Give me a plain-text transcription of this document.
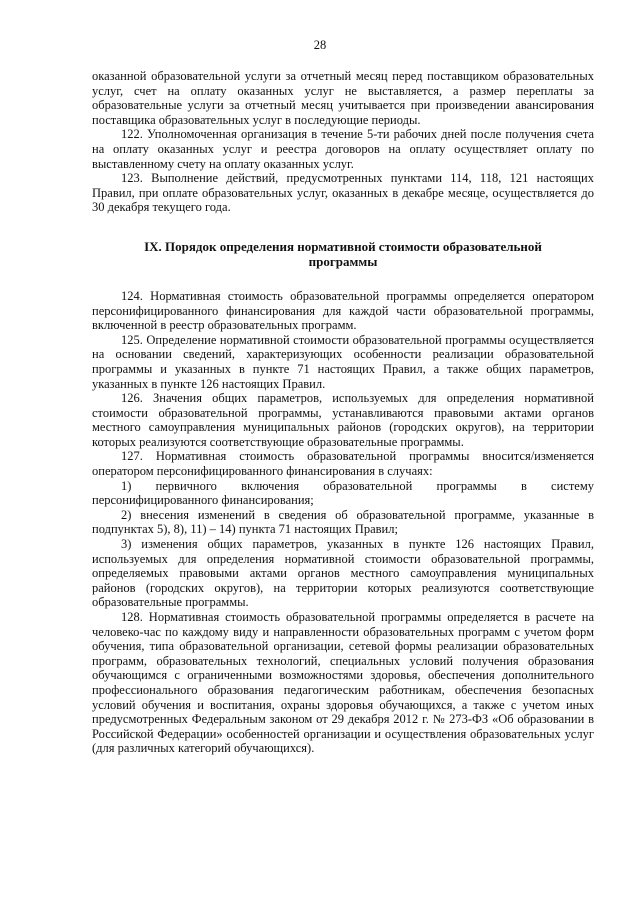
28

оказанной образовательной услуги за отчетный месяц перед поставщиком образовательных услуг, счет на оплату оказанных услуг не выставляется, а размер переплаты за образовательные услуги за отчетный месяц учитывается при произведении авансирования поставщика образовательных услуг в последующие периоды.

122. Уполномоченная организация в течение 5-ти рабочих дней после получения счета на оплату оказанных услуг и реестра договоров на оплату осуществляет оплату по выставленному счету на оплату оказанных услуг.

123. Выполнение действий, предусмотренных пунктами 114, 118, 121 настоящих Правил, при оплате образовательных услуг, оказанных в декабре месяце, осуществляется до 30 декабря текущего года.

IX. Порядок определения нормативной стоимости образовательной
программы

124. Нормативная стоимость образовательной программы определяется оператором персонифицированного финансирования для каждой части образовательной программы, включенной в реестр образовательных программ.

125. Определение нормативной стоимости образовательной программы осуществляется на основании сведений, характеризующих особенности реализации образовательной программы и указанных в пункте 71 настоящих Правил, а также общих параметров, указанных в пункте 126 настоящих Правил.

126. Значения общих параметров, используемых для определения нормативной стоимости образовательной программы, устанавливаются правовыми актами органов местного самоуправления муниципальных районов (городских округов), на территории которых реализуются соответствующие образовательные программы.

127. Нормативная стоимость образовательной программы вносится/изменяется оператором персонифицированного финансирования в случаях:

1) первичного включения образовательной программы в систему персонифицированного финансирования;

2) внесения изменений в сведения об образовательной программе, указанные в подпунктах 5), 8), 11) – 14) пункта 71 настоящих Правил;

3) изменения общих параметров, указанных в пункте 126 настоящих Правил, используемых для определения нормативной стоимости образовательной программы, определяемых правовыми актами органов местного самоуправления муниципальных районов (городских округов), на территории которых реализуются соответствующие образовательные программы.

128. Нормативная стоимость образовательной программы определяется в расчете на человеко-час по каждому виду и направленности образовательных программ с учетом форм обучения, типа образовательной организации, сетевой формы реализации образовательных программ, образовательных технологий, специальных условий получения образования обучающимся с ограниченными возможностями здоровья, обеспечения дополнительного профессионального образования педагогическим работникам, обеспечения безопасных условий обучения и воспитания, охраны здоровья обучающихся, а также с учетом иных предусмотренных Федеральным законом от 29 декабря 2012 г. № 273-ФЗ «Об образовании в Российской Федерации» особенностей организации и осуществления образовательных услуг (для различных категорий обучающихся).
